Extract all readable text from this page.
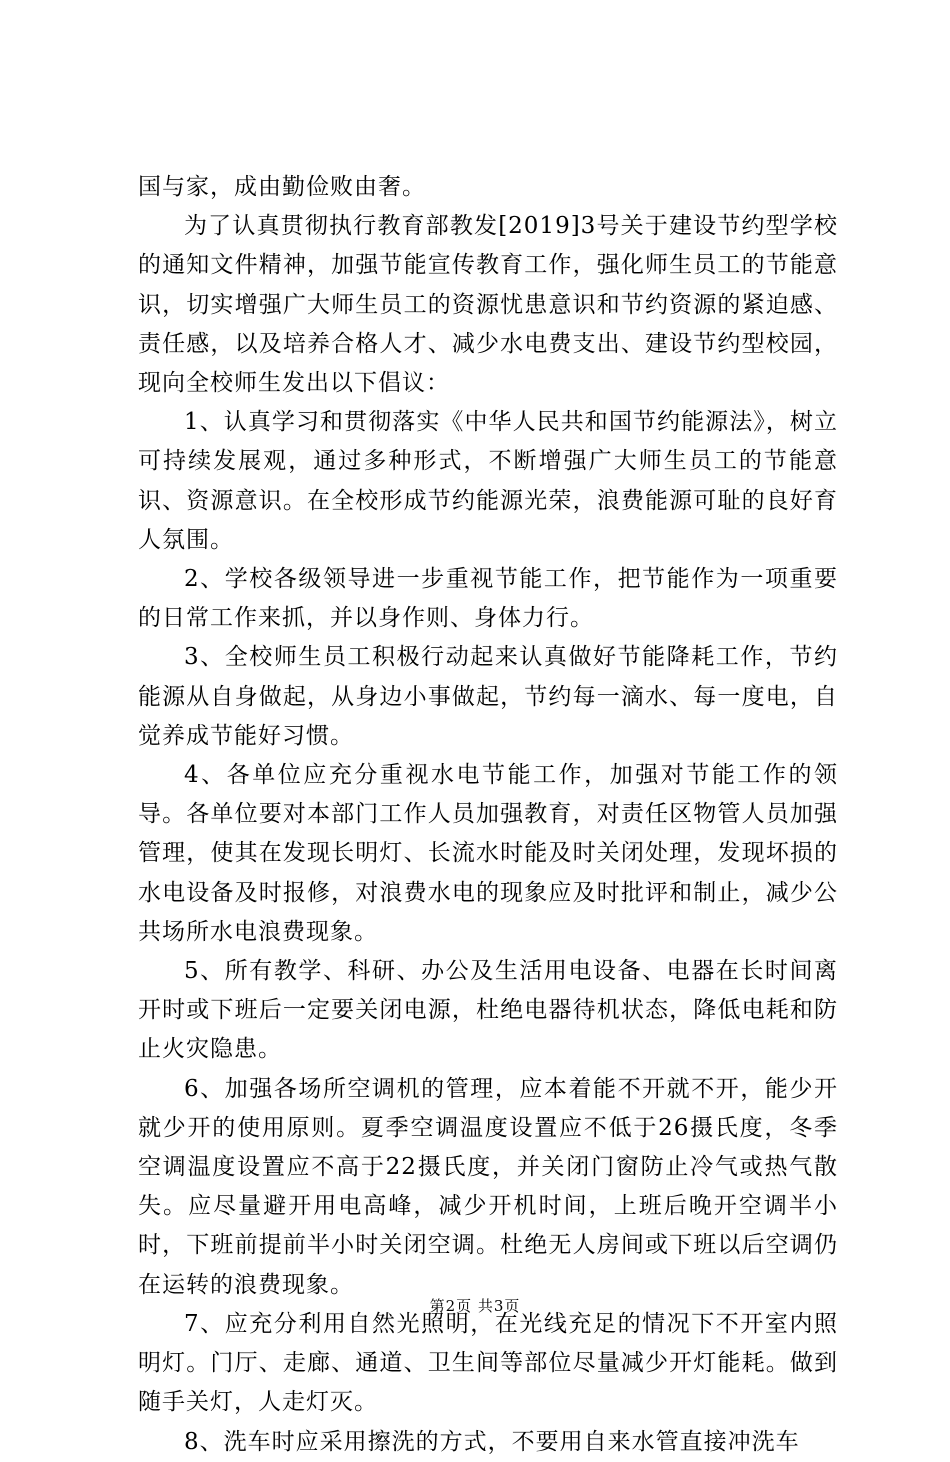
国与家，成由勤俭败由奢。

为了认真贯彻执行教育部教发[2019]3号关于建设节约型学校的通知文件精神，加强节能宣传教育工作，强化师生员工的节能意识，切实增强广大师生员工的资源忧患意识和节约资源的紧迫感、责任感，以及培养合格人才、减少水电费支出、建设节约型校园，现向全校师生发出以下倡议：

1、认真学习和贯彻落实《中华人民共和国节约能源法》，树立可持续发展观，通过多种形式，不断增强广大师生员工的节能意识、资源意识。在全校形成节约能源光荣，浪费能源可耻的良好育人氛围。

2、学校各级领导进一步重视节能工作，把节能作为一项重要的日常工作来抓，并以身作则、身体力行。

3、全校师生员工积极行动起来认真做好节能降耗工作，节约能源从自身做起，从身边小事做起，节约每一滴水、每一度电，自觉养成节能好习惯。

4、各单位应充分重视水电节能工作，加强对节能工作的领导。各单位要对本部门工作人员加强教育，对责任区物管人员加强管理，使其在发现长明灯、长流水时能及时关闭处理，发现坏损的水电设备及时报修，对浪费水电的现象应及时批评和制止，减少公共场所水电浪费现象。

5、所有教学、科研、办公及生活用电设备、电器在长时间离开时或下班后一定要关闭电源，杜绝电器待机状态，降低电耗和防止火灾隐患。

6、加强各场所空调机的管理，应本着能不开就不开，能少开就少开的使用原则。夏季空调温度设置应不低于26摄氏度，冬季空调温度设置应不高于22摄氏度，并关闭门窗防止冷气或热气散失。应尽量避开用电高峰，减少开机时间，上班后晚开空调半小时，下班前提前半小时关闭空调。杜绝无人房间或下班以后空调仍在运转的浪费现象。

7、应充分利用自然光照明，在光线充足的情况下不开室内照明灯。门厅、走廊、通道、卫生间等部位尽量减少开灯能耗。做到随手关灯，人走灯灭。

8、洗车时应采用擦洗的方式，不要用自来水管直接冲洗车

第2页 共3页
